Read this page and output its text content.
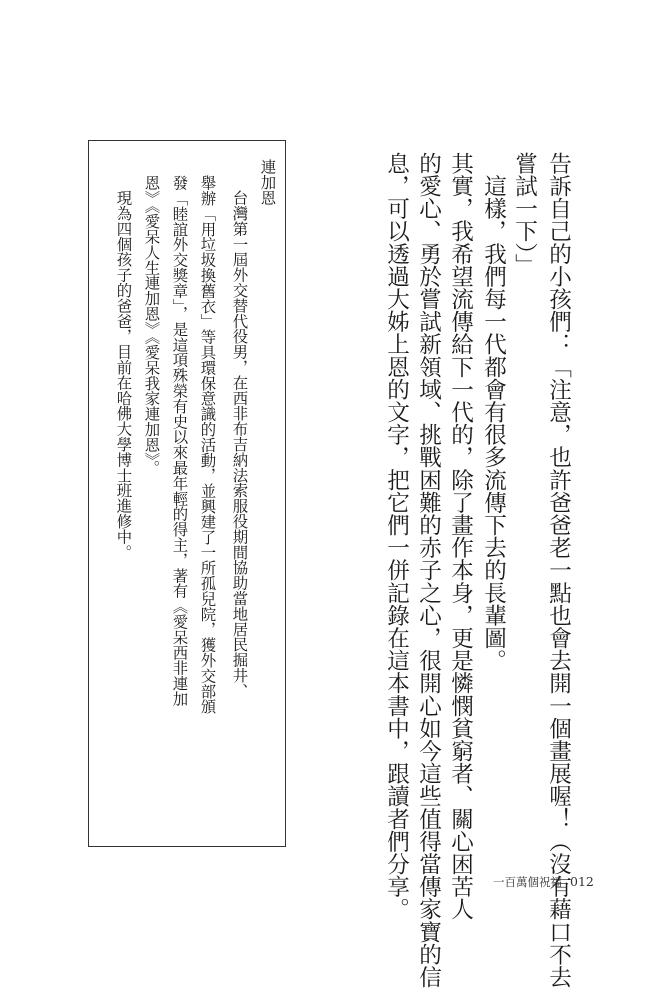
告訴自己的小孩們：「注意，也許爸爸老一點也會去開一個畫展喔！（沒有藉口不去
嘗試一下）」
　這樣，我們每一代都會有很多流傳下去的長輩圖。
其實，我希望流傳給下一代的，除了畫作本身，更是憐憫貧窮者、關心困苦人
的愛心、勇於嘗試新領域、挑戰困難的赤子之心，很開心如今這些值得當傳家寶的信
息，可以透過大姊上恩的文字，把它們一併記錄在這本書中，跟讀者們分享。
連加恩
台灣第一屆外交替代役男，在西非布吉納法索服役期間協助當地居民掘井、
舉辦「用垃圾換舊衣」等具環保意識的活動，並興建了一所孤兒院，獲外交部頒
發「睦誼外交獎章」，是這項殊榮有史以來最年輕的得主，著有《愛呆西非連加
恩》《愛呆人生連加恩》《愛呆我家連加恩》。
現為四個孩子的爸爸，目前在哈佛大學博士班進修中。
一百萬個祝福 012
